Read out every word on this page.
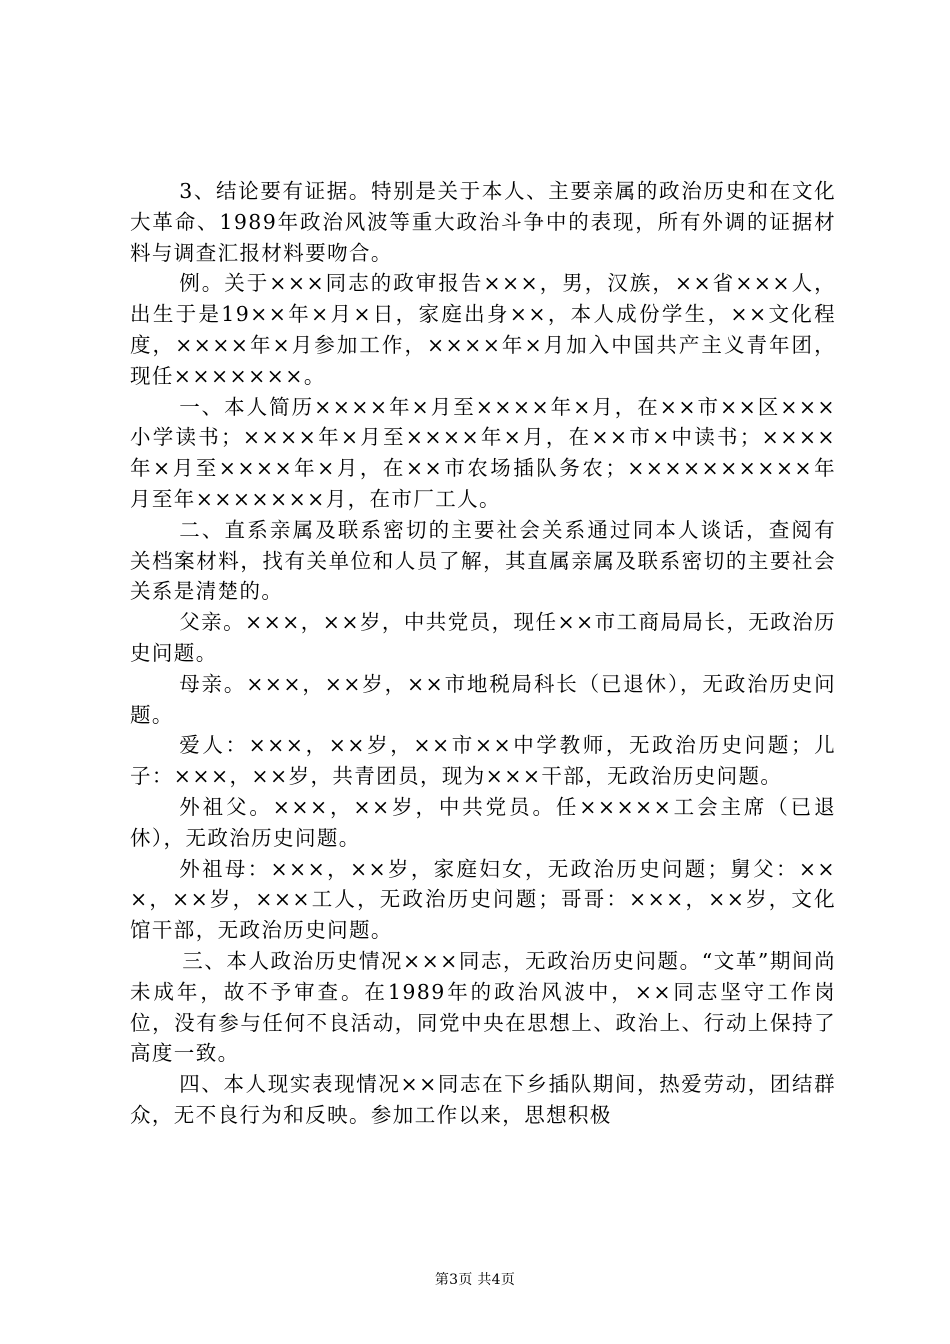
3、结论要有证据。特别是关于本人、主要亲属的政治历史和在文化大革命、1989年政治风波等重大政治斗争中的表现，所有外调的证据材料与调查汇报材料要吻合。

例。关于×××同志的政审报告×××，男，汉族，××省×××人，出生于是19××年×月×日，家庭出身××，本人成份学生，××文化程度，××××年×月参加工作，××××年×月加入中国共产主义青年团，现任×××××××。

一、本人简历××××年×月至××××年×月，在××市××区×××小学读书；××××年×月至××××年×月，在××市×中读书；××××年×月至××××年×月，在××市农场插队务农；××××××××××年月至年×××××××月，在市厂工人。

二、直系亲属及联系密切的主要社会关系通过同本人谈话，查阅有关档案材料，找有关单位和人员了解，其直属亲属及联系密切的主要社会关系是清楚的。

父亲。×××，××岁，中共党员，现任××市工商局局长，无政治历史问题。

母亲。×××，××岁，××市地税局科长（已退休），无政治历史问题。

爱人：×××，××岁，××市××中学教师，无政治历史问题；儿子：×××，××岁，共青团员，现为×××干部，无政治历史问题。

外祖父。×××，××岁，中共党员。任×××××工会主席（已退休），无政治历史问题。

外祖母：×××，××岁，家庭妇女，无政治历史问题；舅父：×××，××岁，×××工人，无政治历史问题；哥哥：×××，××岁，文化馆干部，无政治历史问题。

三、本人政治历史情况×××同志，无政治历史问题。“文革”期间尚未成年，故不予审查。在1989年的政治风波中，××同志坚守工作岗位，没有参与任何不良活动，同党中央在思想上、政治上、行动上保持了高度一致。

四、本人现实表现情况××同志在下乡插队期间，热爱劳动，团结群众，无不良行为和反映。参加工作以来，思想积极

第3页 共4页
